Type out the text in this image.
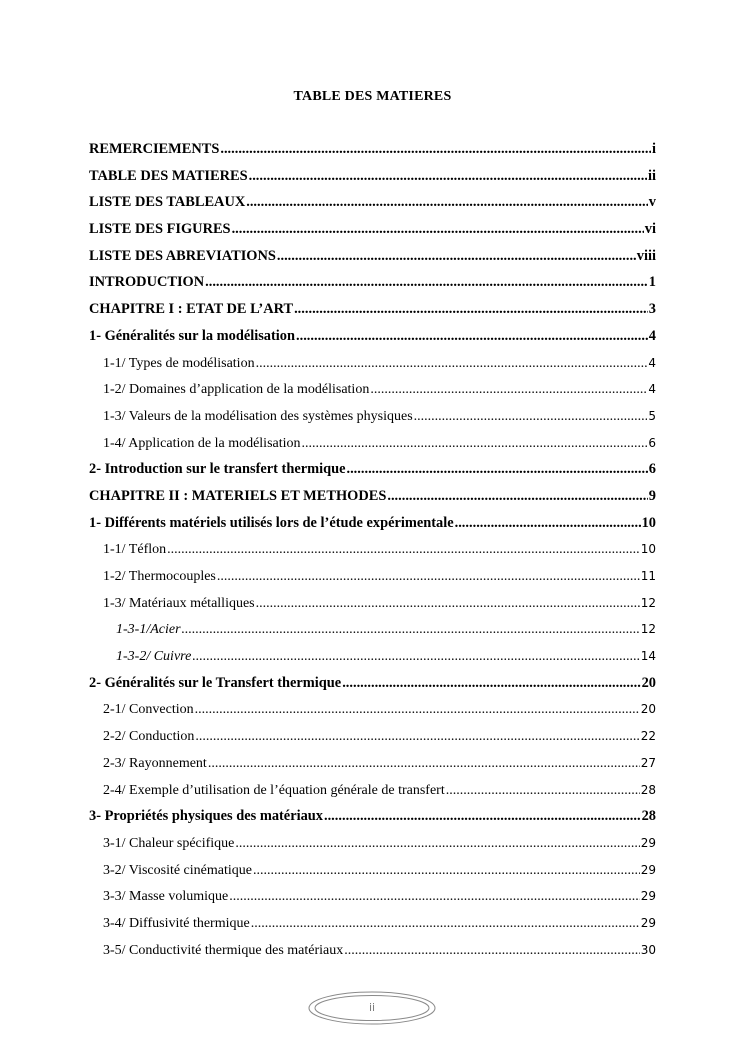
TABLE DES MATIERES
REMERCIEMENTS .....	i
TABLE DES MATIERES .....	ii
LISTE DES TABLEAUX .....	v
LISTE DES FIGURES .....	vi
LISTE DES ABREVIATIONS .....	viii
INTRODUCTION .....	1
CHAPITRE I : ETAT DE L’ART .....	3
1- Généralités sur la modélisation .....	4
1-1/ Types de modélisation .....	4
1-2/ Domaines d’application de la modélisation .....	4
1-3/ Valeurs de la modélisation des systèmes physiques .....	5
1-4/ Application de la modélisation .....	6
2- Introduction sur le transfert thermique .....	6
CHAPITRE II : MATERIELS ET METHODES .....	9
1- Différents matériels utilisés lors de l’étude expérimentale .....	10
1-1/ Téflon .....	10
1-2/ Thermocouples .....	11
1-3/ Matériaux métalliques .....	12
1-3-1/Acier .....	12
1-3-2/ Cuivre .....	14
2- Généralités sur le Transfert thermique .....	20
2-1/ Convection .....	20
2-2/ Conduction .....	22
2-3/ Rayonnement .....	27
2-4/ Exemple d’utilisation de l’équation générale de transfert .....	28
3- Propriétés physiques des matériaux .....	28
3-1/ Chaleur spécifique .....	29
3-2/ Viscosité cinématique .....	29
3-3/ Masse volumique .....	29
3-4/ Diffusivité thermique .....	29
3-5/ Conductivité thermique des matériaux .....	30
ii
